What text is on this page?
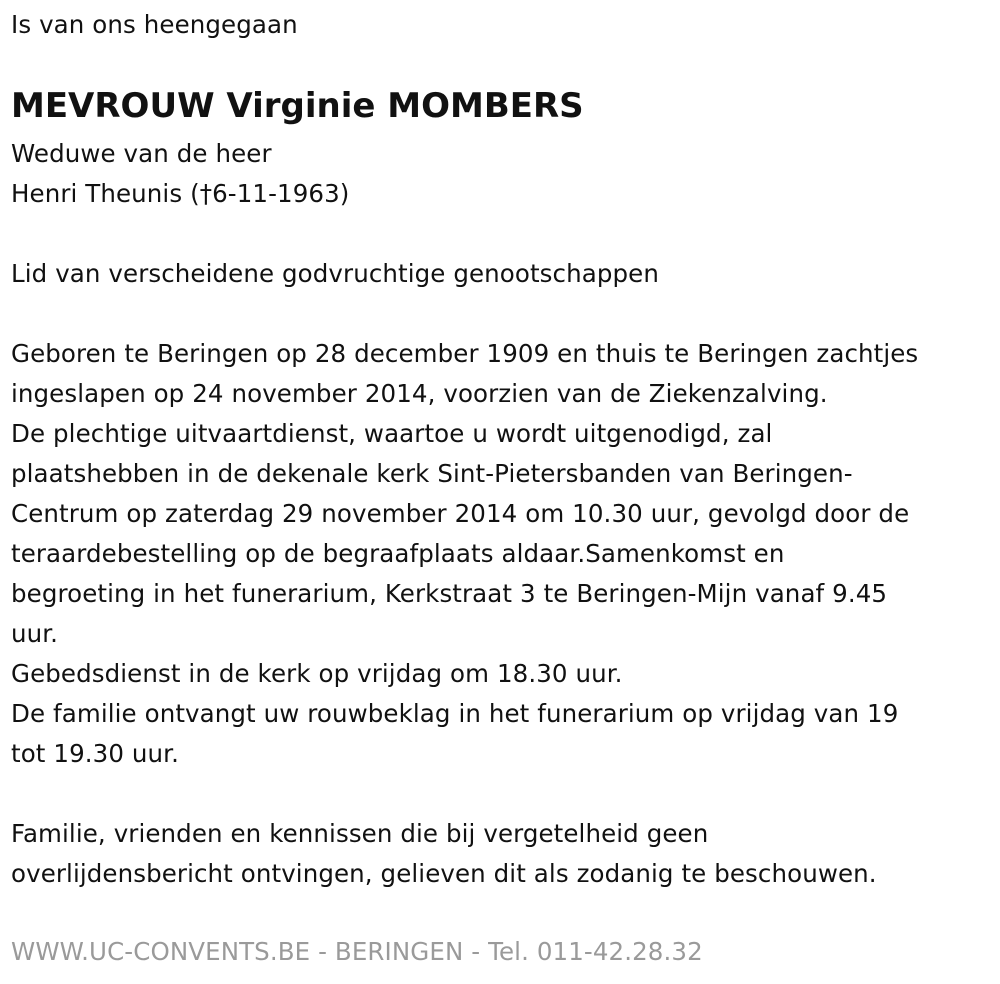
Is van ons heengegaan
MEVROUW Virginie MOMBERS
Weduwe van de heer
Henri Theunis (†6-11-1963)
Lid van verscheidene godvruchtige genootschappen
Geboren te Beringen op 28 december 1909 en thuis te Beringen zachtjes
ingeslapen op 24 november 2014, voorzien van de Ziekenzalving.
De plechtige uitvaartdienst, waartoe u wordt uitgenodigd, zal
plaatshebben in de dekenale kerk Sint-Pietersbanden van Beringen-
Centrum op zaterdag 29 november 2014 om 10.30 uur, gevolgd door de
teraardebestelling op de begraafplaats aldaar.Samenkomst en
begroeting in het funerarium, Kerkstraat 3 te Beringen-Mijn vanaf 9.45
uur.
Gebedsdienst in de kerk op vrijdag om 18.30 uur.
De familie ontvangt uw rouwbeklag in het funerarium op vrijdag van 19
tot 19.30 uur.
Familie, vrienden en kennissen die bij vergetelheid geen
overlijdensbericht ontvingen, gelieven dit als zodanig te beschouwen.
WWW.UC-CONVENTS.BE - BERINGEN - Tel. 011-42.28.32
